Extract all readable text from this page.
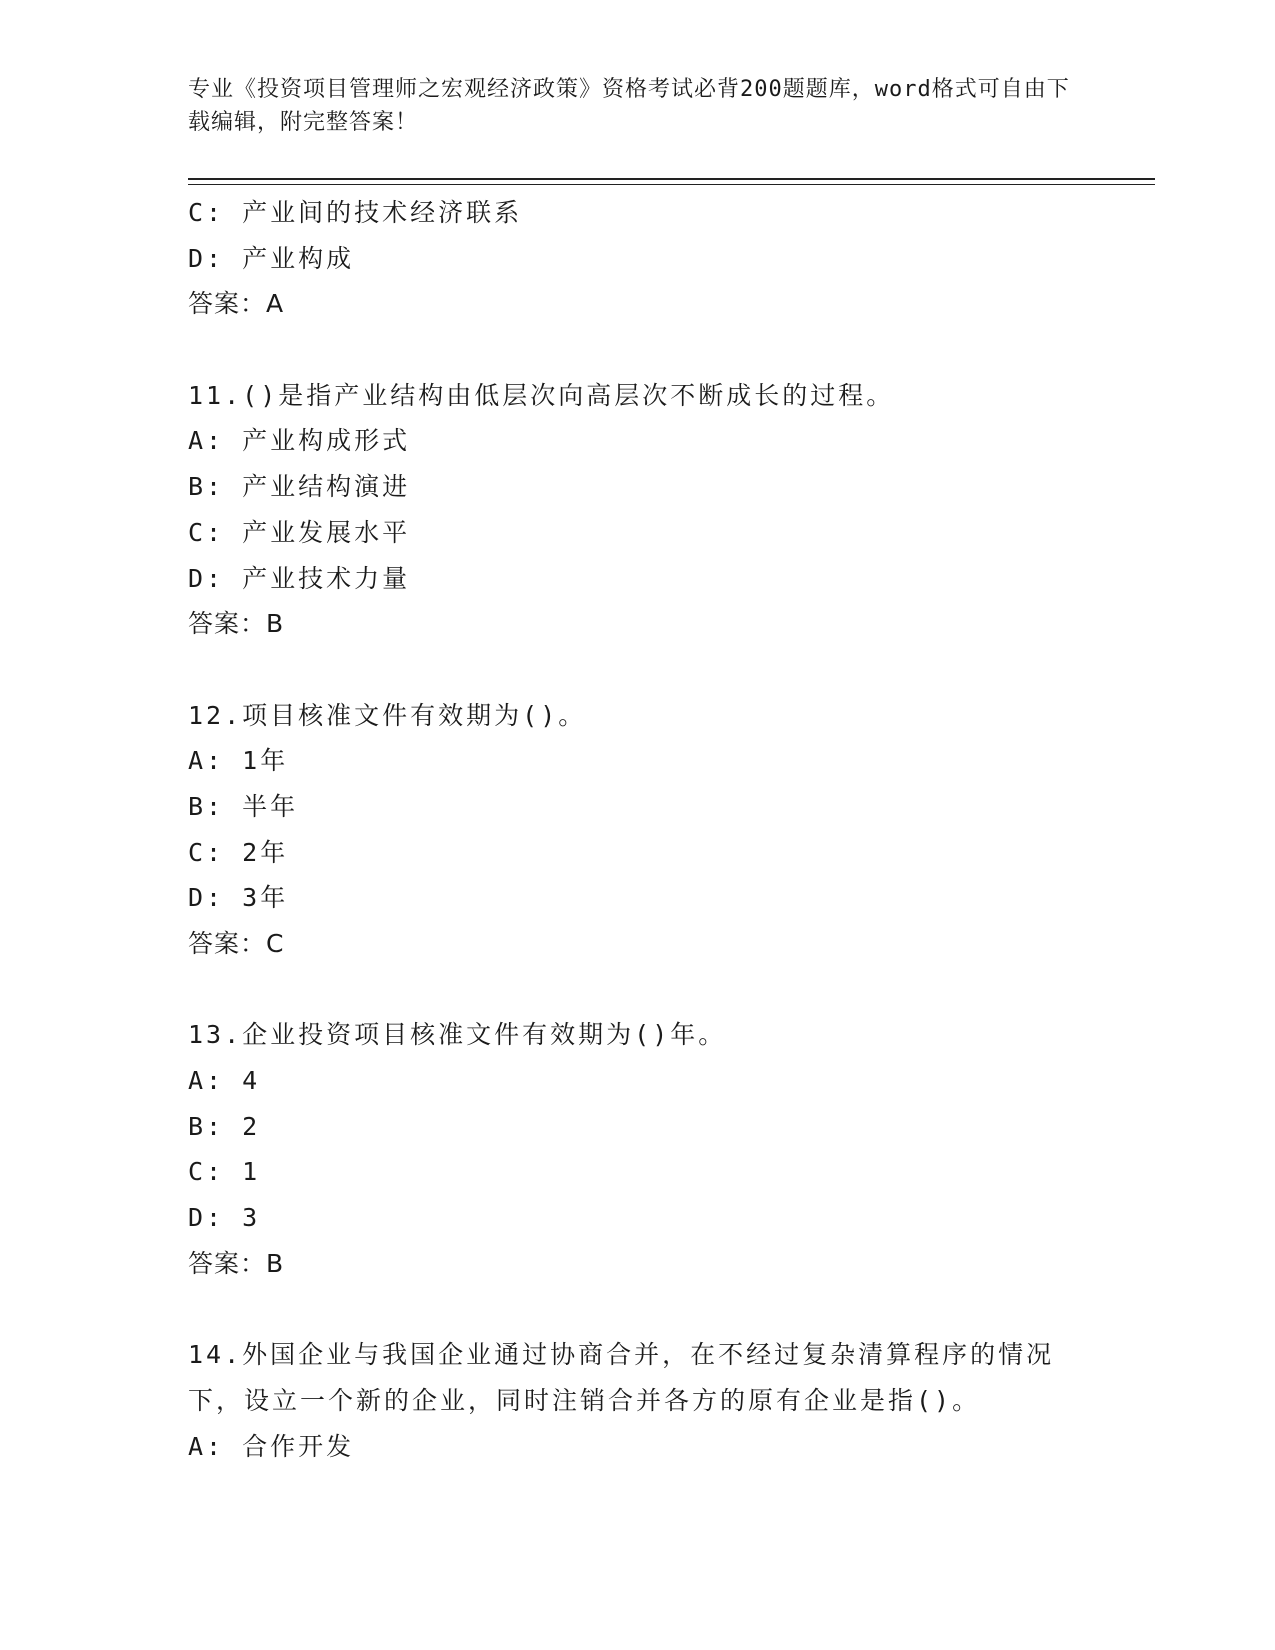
专业《投资项目管理师之宏观经济政策》资格考试必背200题题库，word格式可自由下载编辑，附完整答案！
C: 产业间的技术经济联系
D: 产业构成
答案：A
11.()是指产业结构由低层次向高层次不断成长的过程。
A: 产业构成形式
B: 产业结构演进
C: 产业发展水平
D: 产业技术力量
答案：B
12.项目核准文件有效期为()。
A: 1年
B: 半年
C: 2年
D: 3年
答案：C
13.企业投资项目核准文件有效期为()年。
A: 4
B: 2
C: 1
D: 3
答案：B
14.外国企业与我国企业通过协商合并，在不经过复杂清算程序的情况下，设立一个新的企业，同时注销合并各方的原有企业是指()。
A: 合作开发
